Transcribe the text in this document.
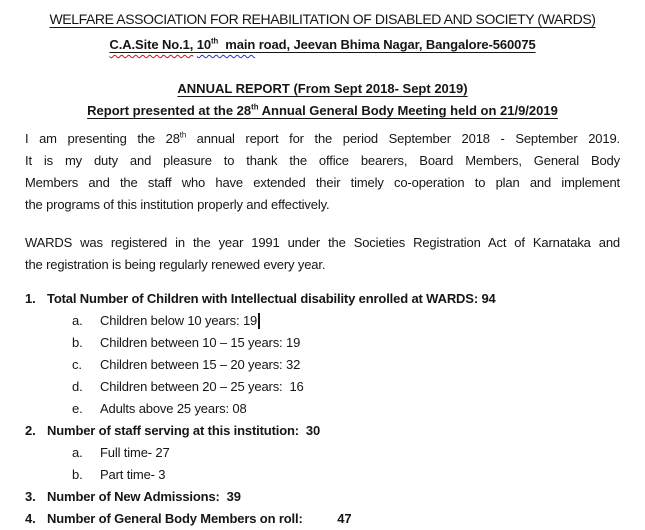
WELFARE ASSOCIATION FOR REHABILITATION OF DISABLED AND SOCIETY (WARDS)
C.A.Site No.1, 10th  main road, Jeevan Bhima Nagar, Bangalore-560075
ANNUAL REPORT (From Sept 2018- Sept 2019)
Report presented at the 28th Annual General Body Meeting held on 21/9/2019
I am presenting the 28th annual report for the period September 2018 - September 2019.
It is my duty and pleasure to thank the office bearers, Board Members, General Body
Members and the staff who have extended their timely co-operation to plan and implement
the programs of this institution properly and effectively.
WARDS was registered in the year 1991 under the Societies Registration Act of Karnataka and
the registration is being regularly renewed every year.
1. Total Number of Children with Intellectual disability enrolled at WARDS: 94
a.	Children below 10 years: 19
b.	Children between 10 – 15 years: 19
c.	Children between 15 – 20 years: 32
d.	Children between 20 – 25 years:  16
e.	Adults above 25 years: 08
2. Number of staff serving at this institution:  30
a.	Full time- 27
b.	Part time- 3
3. Number of New Admissions:  39
4. Number of General Body Members on roll:          47
